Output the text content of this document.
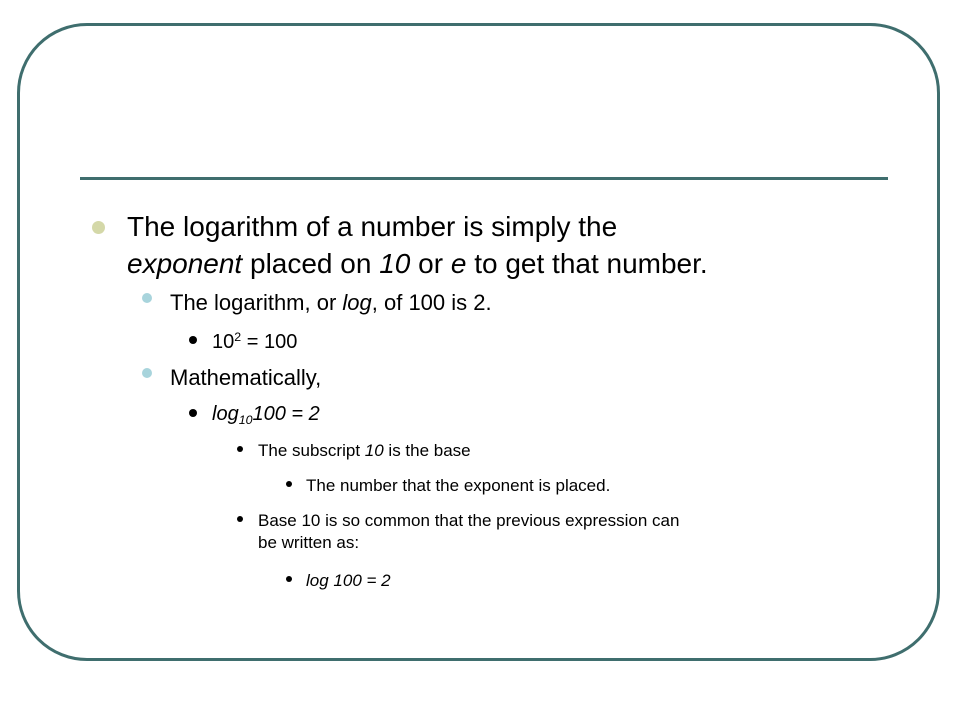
The logarithm of a number is simply the
exponent placed on 10 or e to get that number.
The logarithm, or log, of 100 is 2.
$10^2 = 100$
Mathematically,
$\log_{10}100 = 2$
The subscript 10 is the base
The number that the exponent is placed.
Base 10 is so common that the previous expression can
be written as:
log 100 = 2
